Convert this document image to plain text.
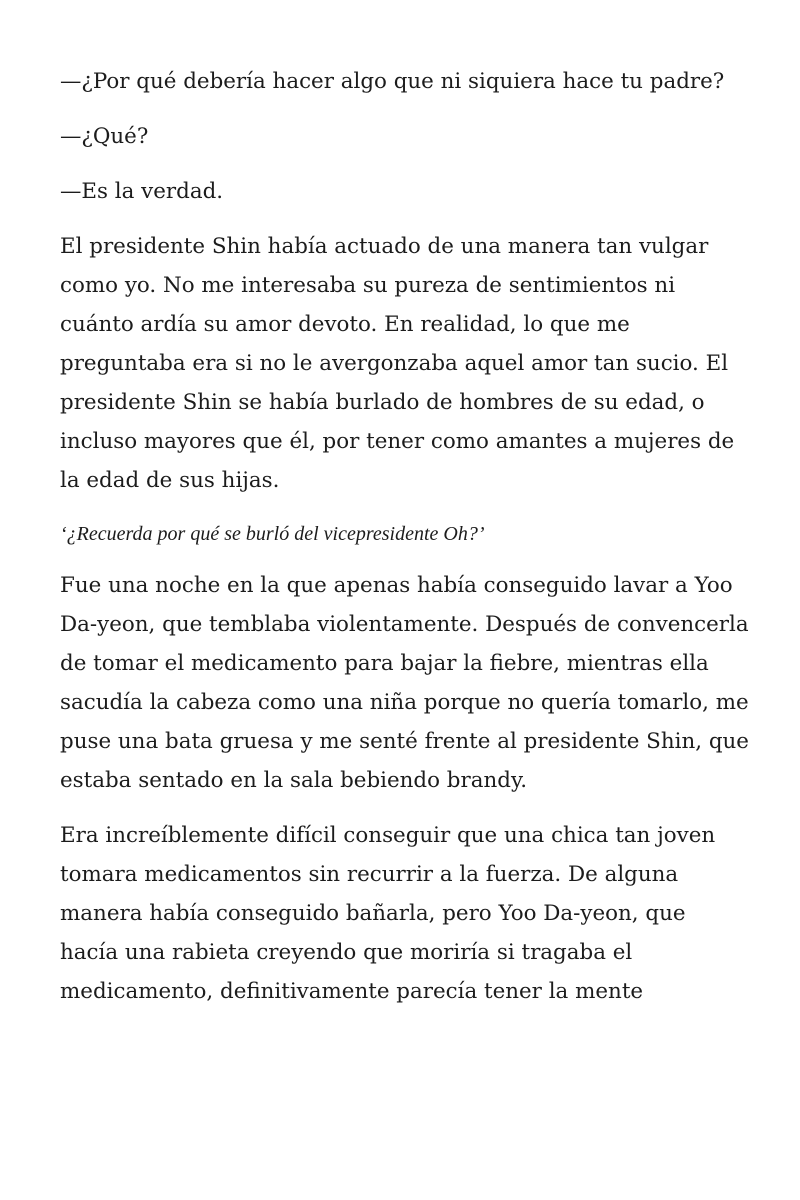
—¿Por qué debería hacer algo que ni siquiera hace tu padre?

—¿Qué?

—Es la verdad.

El presidente Shin había actuado de una manera tan vulgar como yo. No me interesaba su pureza de sentimientos ni cuánto ardía su amor devoto. En realidad, lo que me preguntaba era si no le avergonzaba aquel amor tan sucio. El presidente Shin se había burlado de hombres de su edad, o incluso mayores que él, por tener como amantes a mujeres de la edad de sus hijas.

‘¿Recuerda por qué se burló del vicepresidente Oh?’

Fue una noche en la que apenas había conseguido lavar a Yoo Da-yeon, que temblaba violentamente. Después de convencerla de tomar el medicamento para bajar la fiebre, mientras ella sacudía la cabeza como una niña porque no quería tomarlo, me puse una bata gruesa y me senté frente al presidente Shin, que estaba sentado en la sala bebiendo brandy.

Era increíblemente difícil conseguir que una chica tan joven tomara medicamentos sin recurrir a la fuerza. De alguna manera había conseguido bañarla, pero Yoo Da-yeon, que hacía una rabieta creyendo que moriría si tragaba el medicamento, definitivamente parecía tener la mente
